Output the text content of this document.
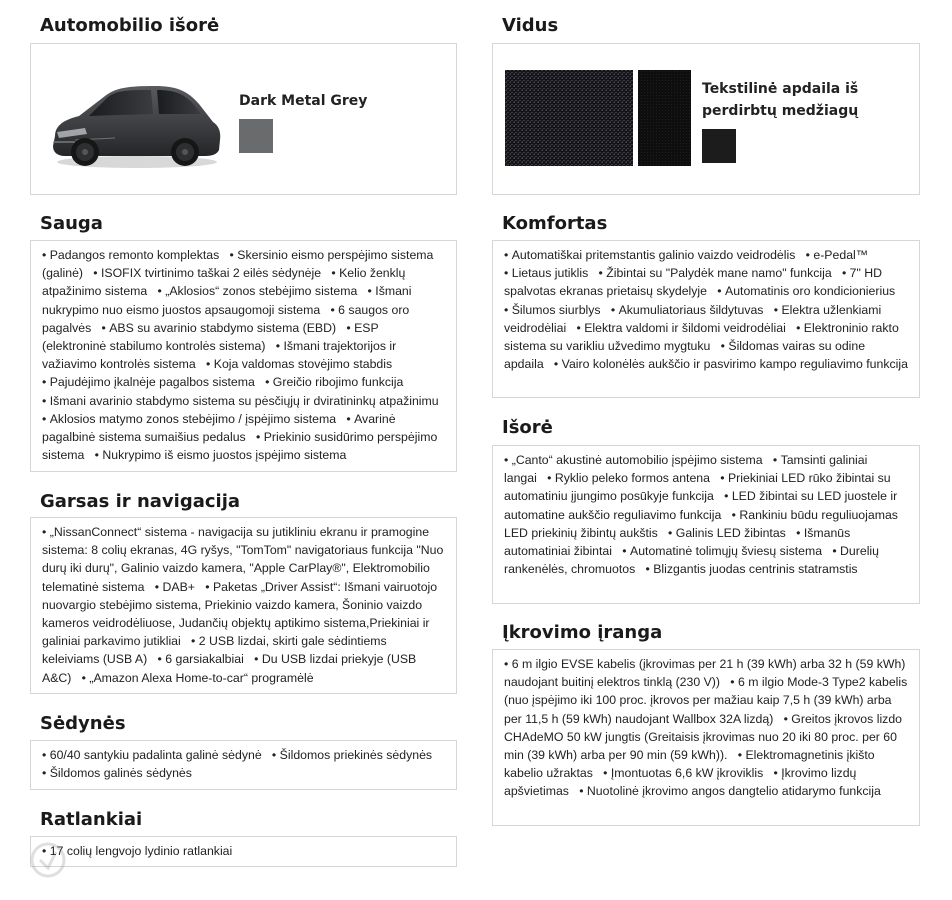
Automobilio išorė
Dark Metal Grey
Sauga
• Padangos remonto komplektas • Skersinio eismo perspėjimo sistema (galinė) • ISOFIX tvirtinimo taškai 2 eilės sėdynėje • Kelio ženklų atpažinimo sistema • „Aklosios“ zonos stebėjimo sistema • Išmani nukrypimo nuo eismo juostos apsaugomoji sistema • 6 saugos oro pagalvės • ABS su avarinio stabdymo sistema (EBD) • ESP (elektroninė stabilumo kontrolės sistema) • Išmani trajektorijos ir važiavimo kontrolės sistema • Koja valdomas stovėjimo stabdis   • Pajudėjimo įkalnėje pagalbos sistema • Greičio ribojimo funkcija   • Išmani avarinio stabdymo sistema su pėsčiųjų ir dviratininkų atpažinimu   • Aklosios matymo zonos stebėjimo / įspėjimo sistema • Avarinė pagalbinė sistema sumaišius pedalus • Priekinio susidūrimo perspėjimo sistema • Nukrypimo iš eismo juostos įspėjimo sistema
Garsas ir navigacija
• „NissanConnect“ sistema - navigacija su jutikliniu ekranu ir pramogine sistema: 8 colių ekranas, 4G ryšys, "TomTom" navigatoriaus funkcija "Nuo durų iki durų", Galinio vaizdo kamera, "Apple CarPlay®", Elektromobilio telematinė sistema • DAB+ • Paketas „Driver Assist“: Išmani vairuotojo nuovargio stebėjimo sistema, Priekinio vaizdo kamera, Šoninio vaizdo kameros veidrodėliuose, Judančių objektų aptikimo sistema,Priekiniai ir galiniai parkavimo jutikliai • 2 USB lizdai, skirti gale sėdintiems keleiviams (USB A) • 6 garsiakalbiai • Du USB lizdai priekyje (USB A&C) • „Amazon Alexa Home-to-car“ programėlė
Sėdynės
• 60/40 santykiu padalinta galinė sėdynė • Šildomos priekinės sėdynės   • Šildomos galinės sėdynės
Ratlankiai
• 17 colių lengvojo lydinio ratlankiai
Vidus
Tekstilinė apdaila iš perdirbtų medžiagų
Komfortas
• Automatiškai pritemstantis galinio vaizdo veidrodėlis • e-Pedal™   • Lietaus jutiklis • Žibintai su "Palydėk mane namo" funkcija • 7" HD spalvotas ekranas prietaisų skydelyje • Automatinis oro kondicionierius   • Šilumos siurblys • Akumuliatoriaus šildytuvas • Elektra užlenkiami veidrodėliai • Elektra valdomi ir šildomi veidrodėliai • Elektroninio rakto sistema su varikliu užvedimo mygtuku • Šildomas vairas su odine apdaila • Vairo kolonėlės aukščio ir pasvirimo kampo reguliavimo funkcija
Išorė
• „Canto“ akustinė automobilio įspėjimo sistema • Tamsinti galiniai langai • Ryklio peleko formos antena • Priekiniai LED rūko žibintai su automatiniu įjungimo posūkyje funkcija • LED žibintai su LED juostele ir automatine aukščio reguliavimo funkcija • Rankiniu būdu reguliuojamas LED priekinių žibintų aukštis • Galinis LED žibintas • Išmanūs automatiniai žibintai • Automatinė tolimųjų šviesų sistema • Durelių rankenėlės, chromuotos • Blizgantis juodas centrinis statramstis
Įkrovimo įranga
• 6 m ilgio EVSE kabelis (įkrovimas per 21 h (39 kWh) arba 32 h (59 kWh) naudojant buitinį elektros tinklą (230 V)) • 6 m ilgio Mode-3 Type2 kabelis (nuo įspėjimo iki 100 proc. įkrovos per mažiau kaip 7,5 h (39 kWh) arba per 11,5 h (59 kWh) naudojant Wallbox 32A lizdą) • Greitos įkrovos lizdo CHAdeMO 50 kW jungtis (Greitaisis įkrovimas nuo 20 iki 80 proc. per 60 min (39 kWh) arba per 90 min (59 kWh)). • Elektromagnetinis įkišto kabelio užraktas • Įmontuotas 6,6 kW įkroviklis • Įkrovimo lizdų apšvietimas • Nuotolinė įkrovimo angos dangtelio atidarymo funkcija
